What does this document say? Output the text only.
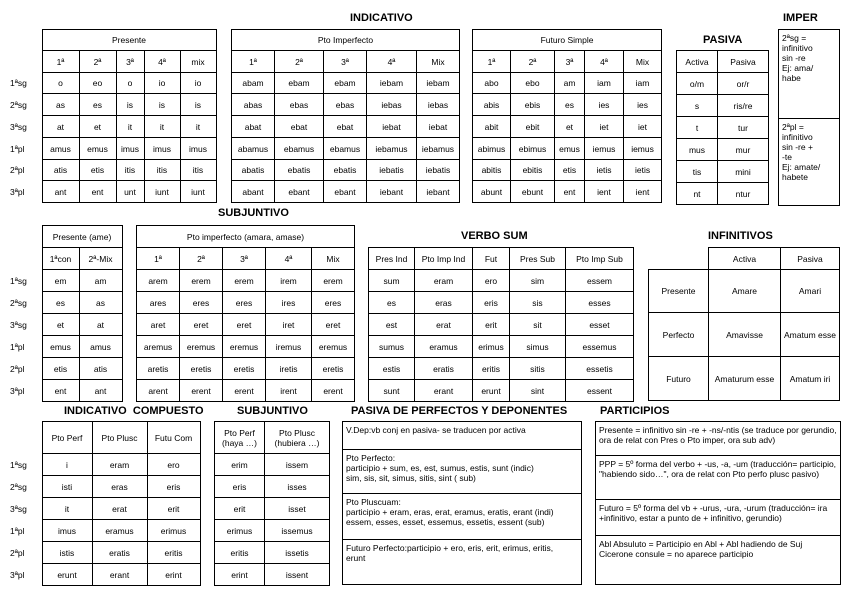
INDICATIVO	IMPER
PASIVA
SUBJUNTIVO
VERBO SUM	INFINITIVOS
INDICATIVO COMPUESTO	SUBJUNTIVO	PASIVA DE PERFECTOS Y DEPONENTES	PARTICIPIOS
	Presente				
	1ª	2ª	3ª	4ª	mix
1ªsg	o	eo	o	io	io
2ªsg	as	es	is	is	is
3ªsg	at	et	it	it	it
1ªpl	amus	emus	imus	imus	imus
2ªpl	atis	etis	itis	itis	itis
3ªpl	ant	ent	unt	iunt	iunt
Pto Imperfecto				
1ª	2ª	3ª	4ª	Mix
abam	ebam	ebam	iebam	iebam
abas	ebas	ebas	iebas	iebas
abat	ebat	ebat	iebat	iebat
abamus	ebamus	ebamus	iebamus	iebamus
abatis	ebatis	ebatis	iebatis	iebatis
abant	ebant	ebant	iebant	iebant
Futuro Simple				
1ª	2ª	3ª	4ª	Mix
abo	ebo	am	iam	iam
abis	ebis	es	ies	ies
abit	ebit	et	iet	iet
abimus	ebimus	emus	iemus	iemus
abitis	ebitis	etis	ietis	ietis
abunt	ebunt	ent	ient	ient
Activa	Pasiva
o/m	or/r
s	ris/re
t	tur
mus	mur
tis	mini
nt	ntur
2ªsg =
infinitivo
sin -re
Ej: ama/
habe
2ªpl =
infinitivo
sin -re +
-te
Ej: amate/
habete
	Presente (ame)	
	1ªcon	2ª-Mix
1ªsg	em	am
2ªsg	es	as
3ªsg	et	at
1ªpl	emus	amus
2ªpl	etis	atis
3ªpl	ent	ant
Pto imperfecto (amara, amase)				
1ª	2ª	3ª	4ª	Mix
arem	erem	erem	irem	erem
ares	eres	eres	ires	eres
aret	eret	eret	iret	eret
aremus	eremus	eremus	iremus	eremus
aretis	eretis	eretis	iretis	eretis
arent	erent	erent	irent	erent
Pres Ind	Pto Imp Ind	Fut	Pres Sub	Pto Imp Sub
sum	eram	ero	sim	essem
es	eras	eris	sis	esses
est	erat	erit	sit	esset
sumus	eramus	erimus	simus	essemus
estis	eratis	eritis	sitis	essetis
sunt	erant	erunt	sint	essent
	Activa	Pasiva
Presente	Amare	Amari
Perfecto	Amavisse	Amatum esse
Futuro	Amaturum esse	Amatum iri
	Pto Perf	Pto Plusc	Futu Com
1ªsg	i	eram	ero
2ªsg	isti	eras	eris
3ªsg	it	erat	erit
1ªpl	imus	eramus	erimus
2ªpl	istis	eratis	eritis
3ªpl	erunt	erant	erint
Pto Perf (haya …)	Pto Plusc (hubiera …)
erim	issem
eris	isses
erit	isset
erimus	issemus
eritis	issetis
erint	issent
V.Dep:vb conj en pasiva- se traducen por activa
Pto Perfecto:
participio + sum, es, est, sumus, estis, sunt (indic)
sim, sis, sit, simus, sitis, sint ( sub)
Pto Pluscuam:
participio + eram, eras, erat, eramus, eratis, erant (indi)
essem, esses, esset, essemus, essetis, essent (sub)
Futuro Perfecto:participio + ero, eris, erit, erimus, eritis,
erunt
Presente = infinitivo sin -re + -ns/-ntis (se traduce por gerundio, ora de relat con Pres o Pto imper, ora sub adv)
PPP = 5º forma del verbo + -us, -a, -um (traducción= participio, "habiendo sido…", ora de relat con Pto perfo plusc pasivo)
Futuro = 5º forma del vb + -urus, -ura, -urum (traducción= ira +infinitivo, estar a punto de + infinitivo, gerundio)
Abl Absuluto = Participio en Abl + Abl hadiendo de Suj
Cicerone consule = no aparece participio
